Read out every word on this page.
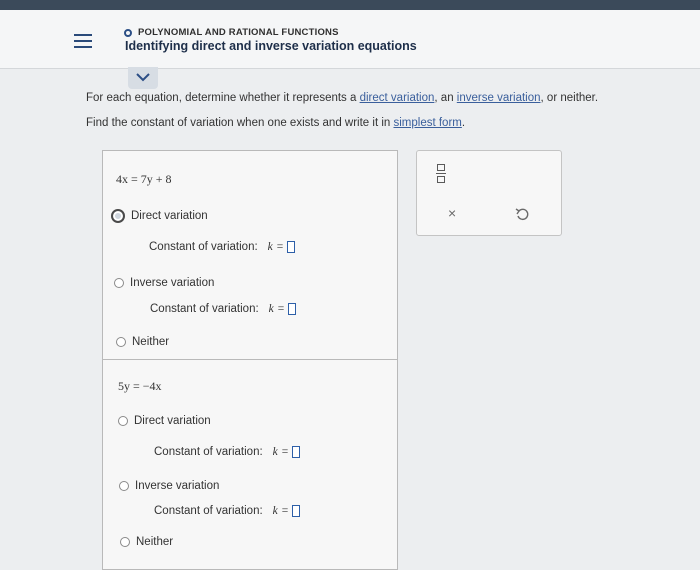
POLYNOMIAL AND RATIONAL FUNCTIONS
Identifying direct and inverse variation equations
For each equation, determine whether it represents a direct variation, an inverse variation, or neither.
Find the constant of variation when one exists and write it in simplest form.
4x = 7y + 8
Direct variation
Constant of variation: k =
Inverse variation
Constant of variation: k =
Neither
5y = −4x
Direct variation
Constant of variation: k =
Inverse variation
Constant of variation: k =
Neither
×
